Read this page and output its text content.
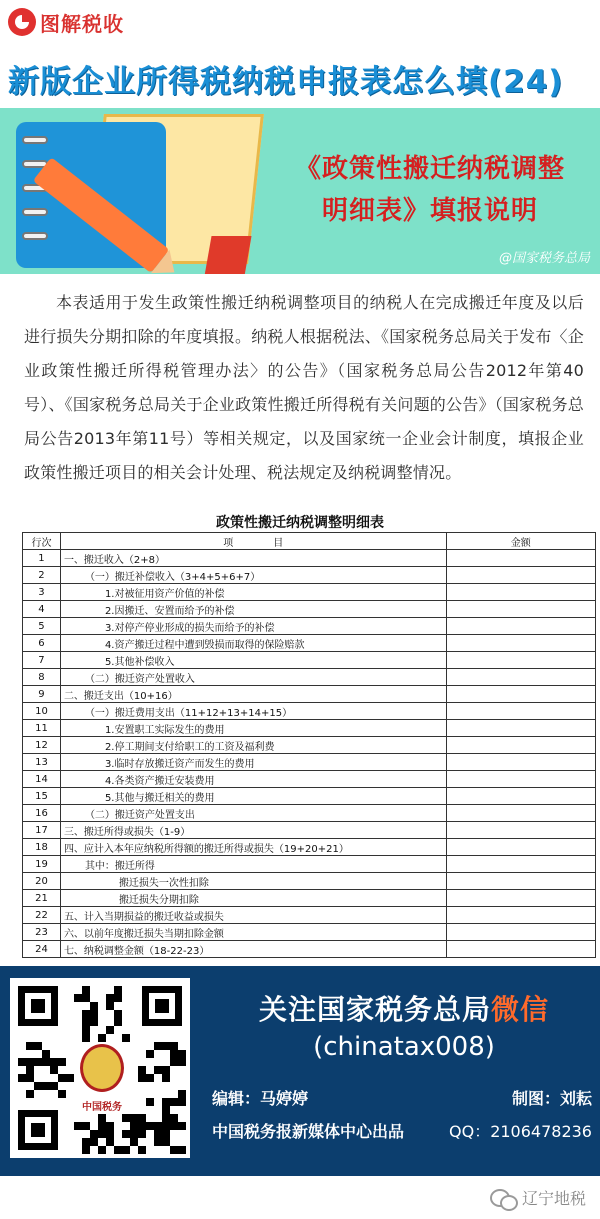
图解税收
新版企业所得税纳税申报表怎么填(24)
《政策性搬迁纳税调整
明细表》填报说明
@国家税务总局

本表适用于发生政策性搬迁纳税调整项目的纳税人在完成搬迁年度及以后进行损失分期扣除的年度填报。纳税人根据税法、《国家税务总局关于发布〈企业政策性搬迁所得税管理办法〉的公告》（国家税务总局公告2012年第40号）、《国家税务总局关于企业政策性搬迁所得税有关问题的公告》（国家税务总局公告2013年第11号）等相关规定，以及国家统一企业会计制度，填报企业政策性搬迁项目的相关会计处理、税法规定及纳税调整情况。

政策性搬迁纳税调整明细表
行次	项　　　　目	金额
1	一、搬迁收入（2+8）	
2	（一）搬迁补偿收入（3+4+5+6+7）	
3	1.对被征用资产价值的补偿	
4	2.因搬迁、安置而给予的补偿	
5	3.对停产停业形成的损失而给予的补偿	
6	4.资产搬迁过程中遭到毁损而取得的保险赔款	
7	5.其他补偿收入	
8	（二）搬迁资产处置收入	
9	二、搬迁支出（10+16）	
10	（一）搬迁费用支出（11+12+13+14+15）	
11	1.安置职工实际发生的费用	
12	2.停工期间支付给职工的工资及福利费	
13	3.临时存放搬迁资产而发生的费用	
14	4.各类资产搬迁安装费用	
15	5.其他与搬迁相关的费用	
16	（二）搬迁资产处置支出	
17	三、搬迁所得或损失（1-9）	
18	四、应计入本年应纳税所得额的搬迁所得或损失（19+20+21）	
19	其中：搬迁所得	
20	搬迁损失一次性扣除	
21	搬迁损失分期扣除	
22	五、计入当期损益的搬迁收益或损失	
23	六、以前年度搬迁损失当期扣除金额	
24	七、纳税调整金额（18-22-23）	
中国税务
关注国家税务总局微信
(chinatax008)
编辑：马婷婷	制图：刘耘
中国税务报新媒体中心出品	QQ：2106478236
辽宁地税
